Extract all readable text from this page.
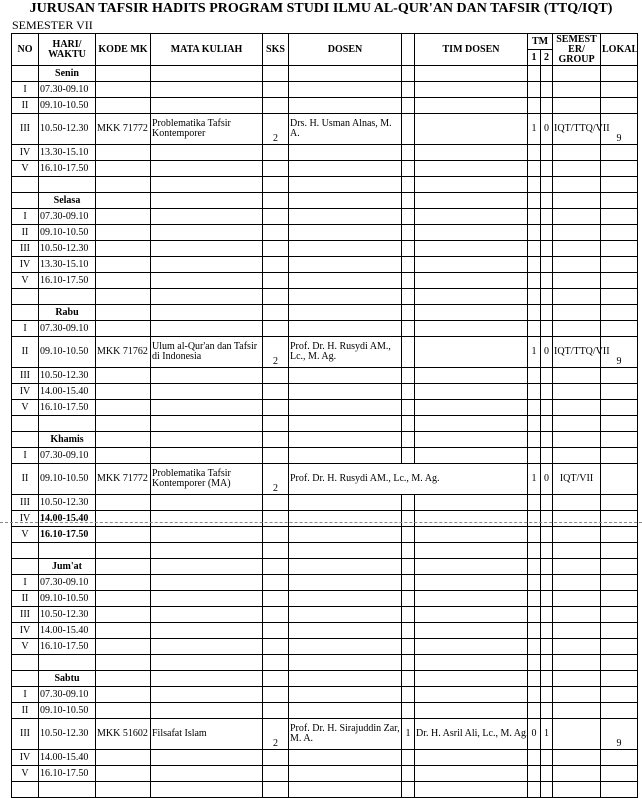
JURUSAN TAFSIR HADITS PROGRAM STUDI ILMU AL-QUR'AN DAN TAFSIR (TTQ/IQT)
SEMESTER VII
NO	HARI/ WAKTU	KODE MK	MATA KULIAH	SKS	DOSEN		TIM DOSEN	TM		SEMEST ER/ GROUP	LOKAL
								1	2		
	Senin										
I	07.30-09.10										
II	09.10-10.50										
III	10.50-12.30	MKK 71772	Problematika Tafsir Kontemporer	2	Drs. H. Usman Alnas, M. A.			1	0	IQT/TTQ/VII	9
IV	13.30-15.10										
V	16.10-17.50										

	Selasa										
I	07.30-09.10										
II	09.10-10.50										
III	10.50-12.30										
IV	13.30-15.10										
V	16.10-17.50										

	Rabu										
I	07.30-09.10										
II	09.10-10.50	MKK 71762	Ulum al-Qur'an dan Tafsir di Indonesia	2	Prof. Dr. H. Rusydi AM., Lc., M. Ag.			1	0	IQT/TTQ/VII	9
III	10.50-12.30										
IV	14.00-15.40										
V	16.10-17.50										

	Khamis										
I	07.30-09.10										
II	09.10-10.50	MKK 71772	Problematika Tafsir Kontemporer (MA)	2	Prof. Dr. H. Rusydi AM., Lc., M. Ag.			1	0	IQT/VII	
III	10.50-12.30										
IV	14.00-15.40										
V	16.10-17.50										

	Jum'at										
I	07.30-09.10										
II	09.10-10.50										
III	10.50-12.30										
IV	14.00-15.40										
V	16.10-17.50										

	Sabtu										
I	07.30-09.10										
II	09.10-10.50										
III	10.50-12.30	MKK 51602	Filsafat Islam	2	Prof. Dr. H. Sirajuddin Zar, M. A.	1	Dr. H. Asril Ali, Lc., M. Ag.	0	1		9
IV	14.00-15.40										
V	16.10-17.50										
